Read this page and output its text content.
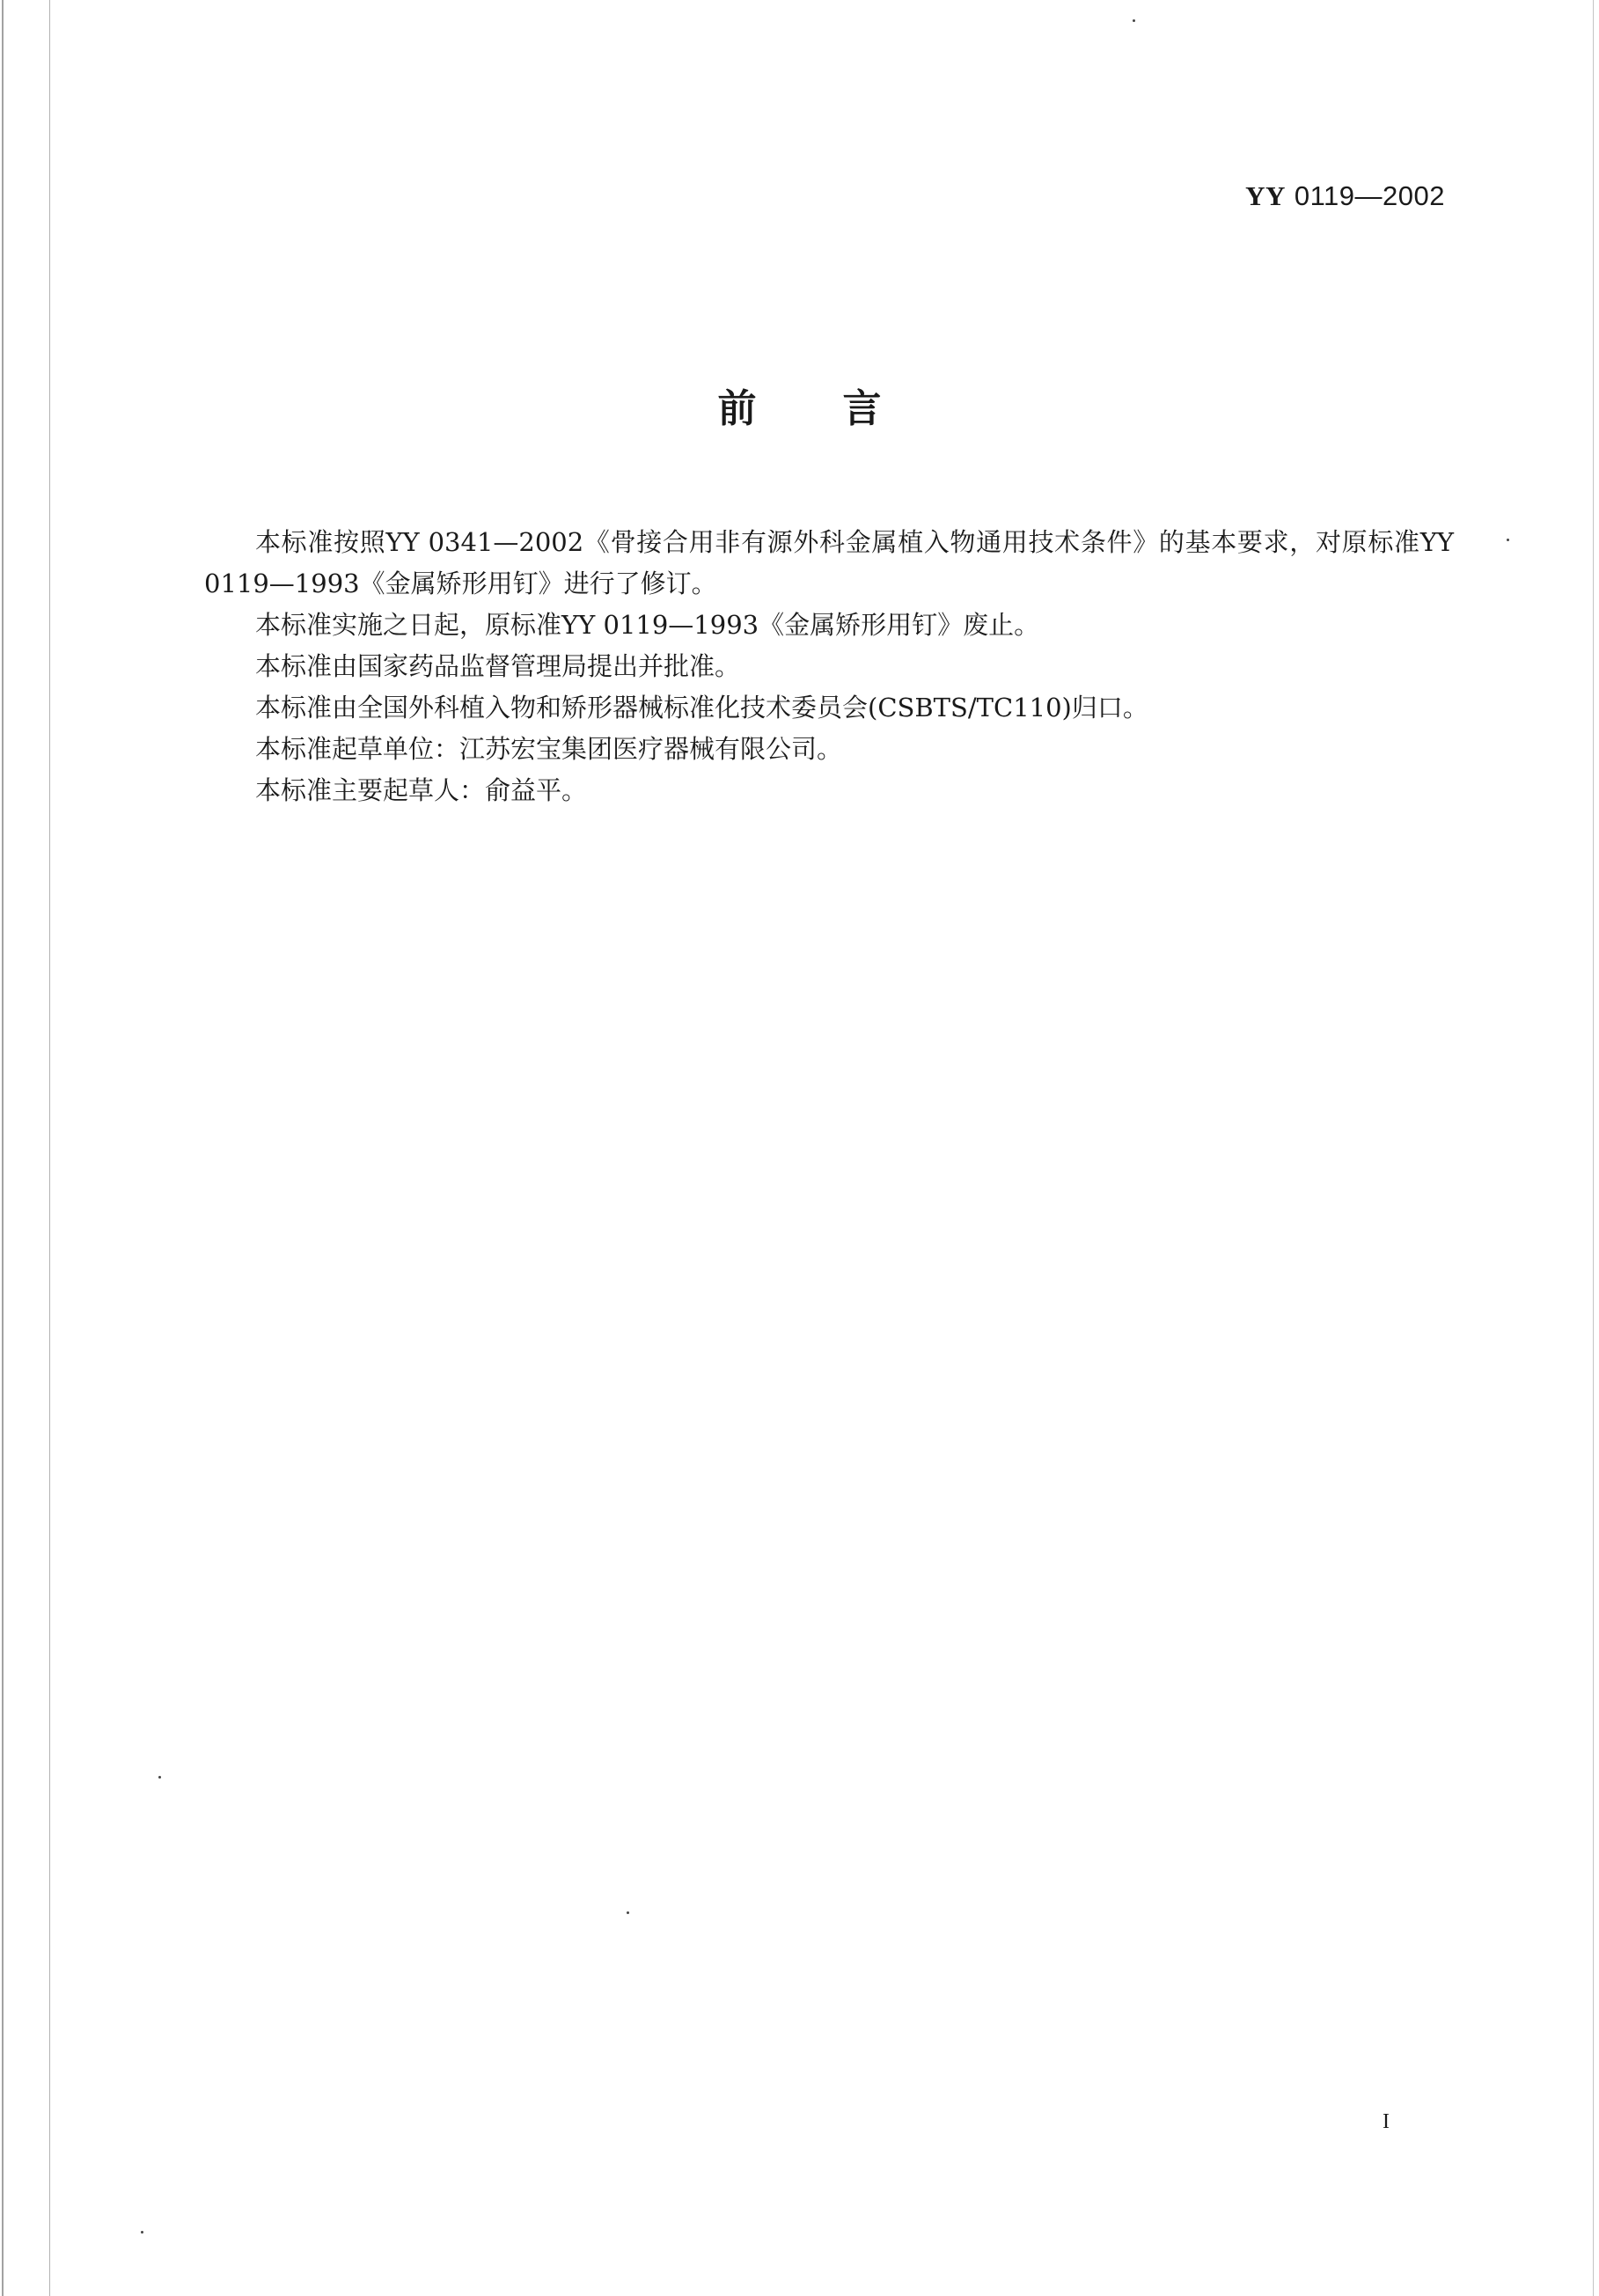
YY 0119—2002
前 言

本标准按照YY 0341—2002《骨接合用非有源外科金属植入物通用技术条件》的基本要求，对原标准YY 0119—1993《金属矫形用钉》进行了修订。

本标准实施之日起，原标准YY 0119—1993《金属矫形用钉》废止。

本标准由国家药品监督管理局提出并批准。

本标准由全国外科植入物和矫形器械标准化技术委员会(CSBTS/TC110)归口。

本标准起草单位：江苏宏宝集团医疗器械有限公司。

本标准主要起草人：俞益平。

I
